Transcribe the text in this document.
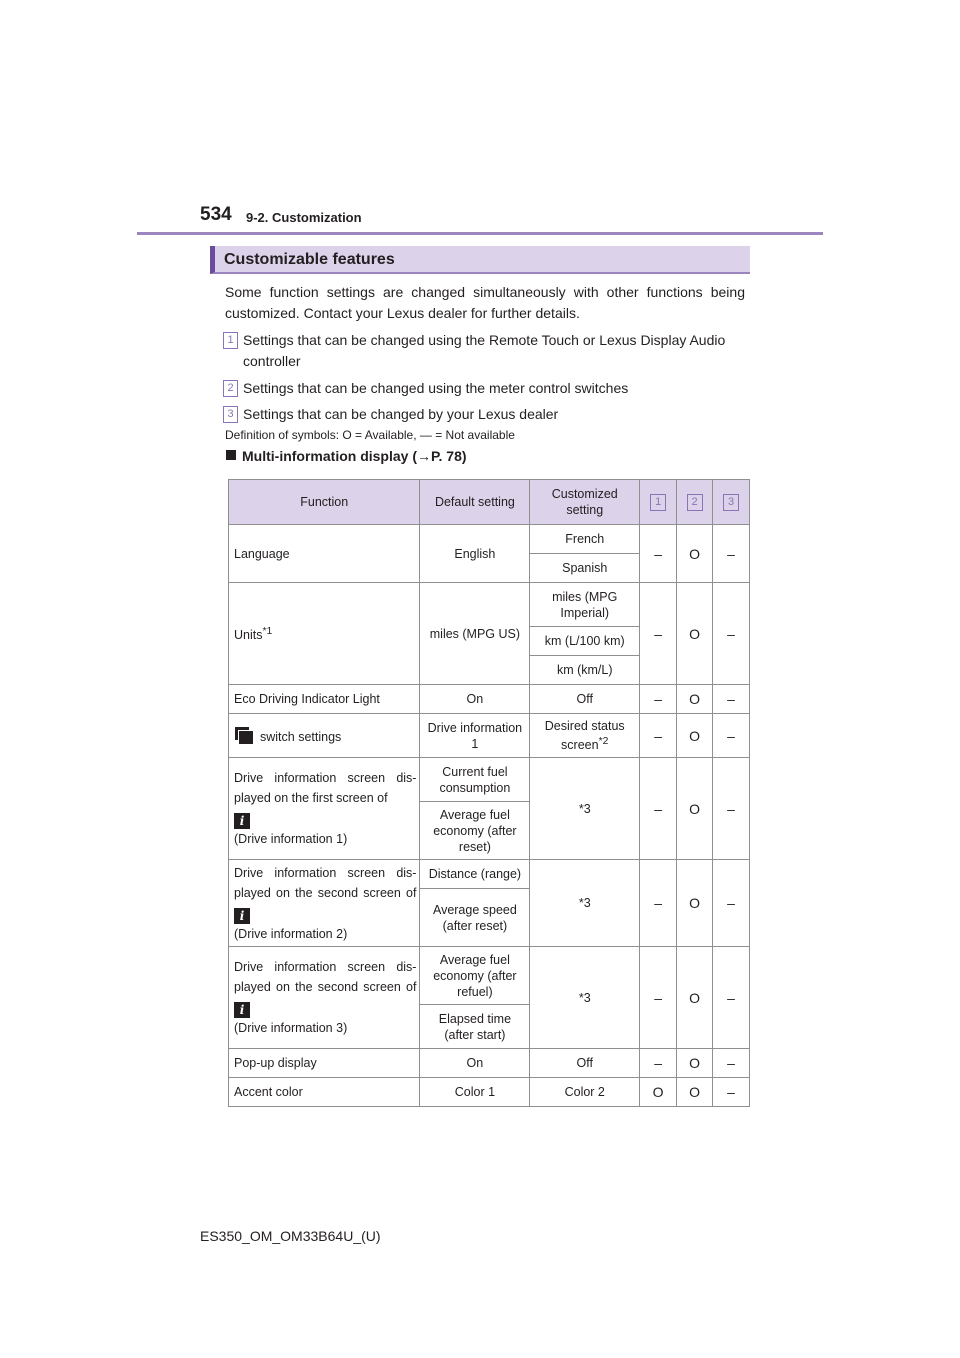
534 9-2. Customization
Customizable features
Some function settings are changed simultaneously with other functions being customized. Contact your Lexus dealer for further details.
1 Settings that can be changed using the Remote Touch or Lexus Display Audio controller
2 Settings that can be changed using the meter control switches
3 Settings that can be changed by your Lexus dealer
Definition of symbols: O = Available, — = Not available
Multi-information display (→P. 78)
Function	Default setting	Customized setting	1	2	3
Language	English	French	–	O	–
		Spanish			
Units$^{*1}$	miles (MPG US)	miles (MPG Imperial)	–	O	–
		km (L/100 km)			
		km (km/L)			
Eco Driving Indicator Light	On	Off	–	O	–

switch settings	Drive information 1	Desired status screen$^{*2}$	–	O	–
Drive information screen dis- played on the first screen of
i
(Drive information 1)	Current fuel consumption	*3	–	O	–
	Average fuel economy (after reset)				
Drive information screen dis- played on the second screen of i
(Drive information 2)	Distance (range)	*3	–	O	–
	Average speed (after reset)				
Drive information screen dis- played on the second screen of i
(Drive information 3)	Average fuel economy (after refuel)	*3	–	O	–
	Elapsed time (after start)				
Pop-up display	On	Off	–	O	–
Accent color	Color 1	Color 2	O	O	–
ES350_OM_OM33B64U_(U)
